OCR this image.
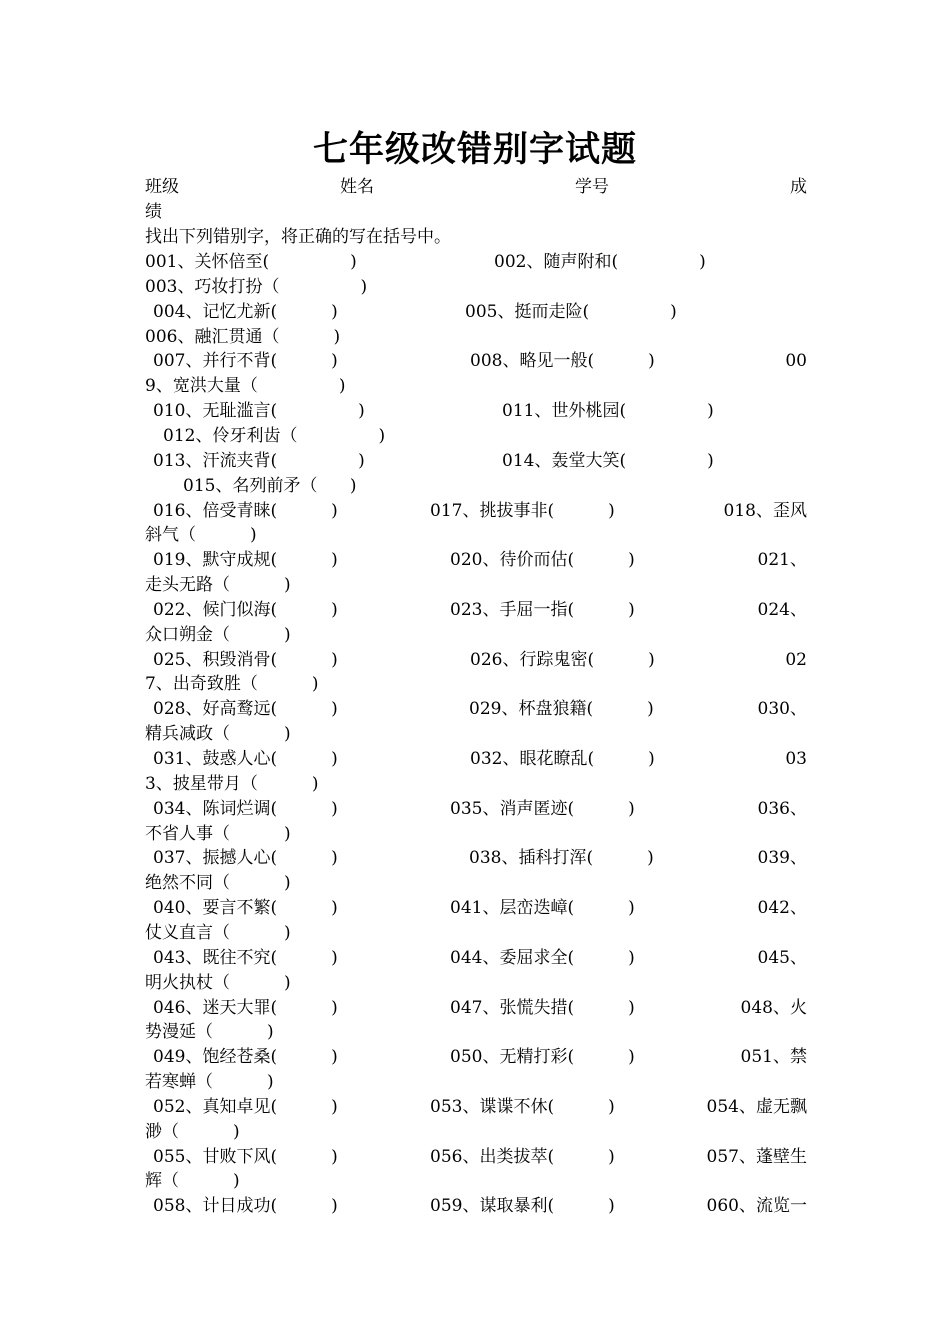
七年级改错别字试题
班级	姓名	学号	成
绩
找出下列错别字，将正确的写在括号中。
001、关怀倍至(               )	002、随声附和(               )
003、巧妆打扮（               )
004、记忆尤新(          )	005、挺而走险(               )
006、融汇贯通（          )
007、并行不背(          )	008、略见一般(          )	00
9、宽洪大量（               )
010、无耻滥言(               )	011、世外桃园(               )
012、伶牙利齿（               )
013、汗流夹背(               )	014、轰堂大笑(               )
015、名列前矛（      )
016、倍受青睐(          )	017、挑拔事非(          )	018、歪风
斜气（          )
019、默守成规(          )	020、待价而估(          )	021、
走头无路（          )
022、候门似海(          )	023、手屈一指(          )	024、
众口朔金（          )
025、积毁消骨(          )	026、行踪鬼密(          )	02
7、出奇致胜（          )
028、好高鹜远(          )	029、杯盘狼籍(          )	030、
精兵减政（          )
031、鼓惑人心(          )	032、眼花瞭乱(          )	03
3、披星带月（          )
034、陈词烂调(          )	035、消声匿迹(          )	036、
不省人事（          )
037、振撼人心(          )	038、插科打浑(          )	039、
绝然不同（          )
040、要言不繁(          )	041、层峦迭嶂(          )	042、
仗义直言（          )
043、既往不究(          )	044、委屈求全(          )	045、
明火执杖（          )
046、迷天大罪(          )	047、张慌失措(          )	048、火
势漫延（          )
049、饱经苍桑(          )	050、无精打彩(          )	051、禁
若寒蝉（          )
052、真知卓见(          )	053、谍谍不休(          )	054、虚无飘
渺（          )
055、甘败下风(          )	056、出类拔萃(          )	057、蓬壁生
辉（          )
058、计日成功(          )	059、谋取暴利(          )	060、流览一
